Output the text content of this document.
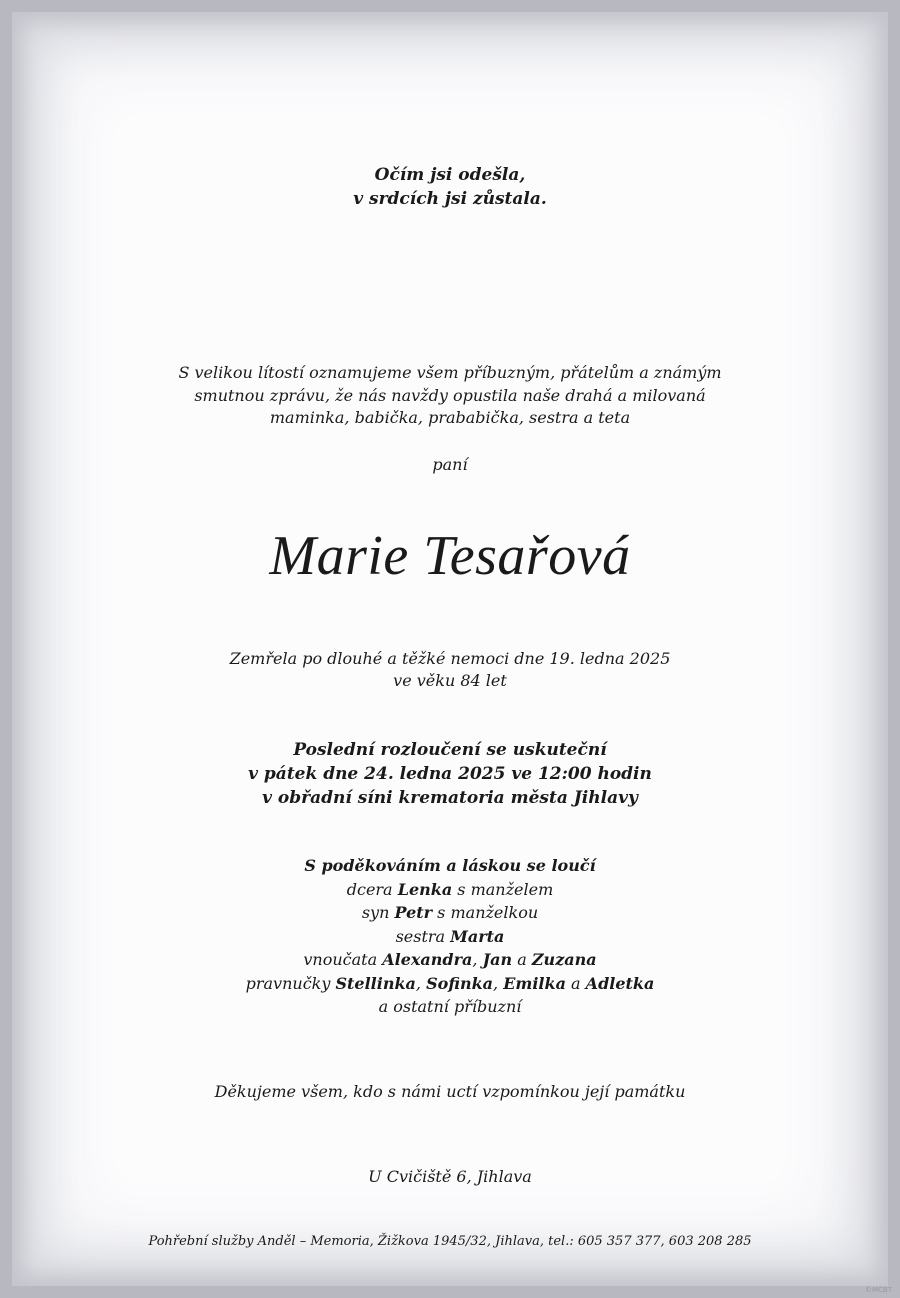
Očím jsi odešla,
v srdcích jsi zůstala.
S velikou lítostí oznamujeme všem příbuzným, přátelům a známým
smutnou zprávu, že nás navždy opustila naše drahá a milovaná
maminka, babička, prababička, sestra a teta
paní
Marie Tesařová
Zemřela po dlouhé a těžké nemoci dne 19. ledna 2025
ve věku 84 let
Poslední rozloučení se uskuteční
v pátek dne 24. ledna 2025 ve 12:00 hodin
v obřadní síni krematoria města Jihlavy
S poděkováním a láskou se loučí
dcera Lenka s manželem
syn Petr s manželkou
sestra Marta
vnoučata Alexandra, Jan a Zuzana
pravnučky Stellinka, Sofinka, Emilka a Adletka
a ostatní příbuzní
Děkujeme všem, kdo s námi uctí vzpomínkou její památku
U Cvičiště 6, Jihlava
Pohřební služby Anděl – Memoria, Žižkova 1945/32, Jihlava, tel.: 605 357 377, 603 208 285
©MCBT
